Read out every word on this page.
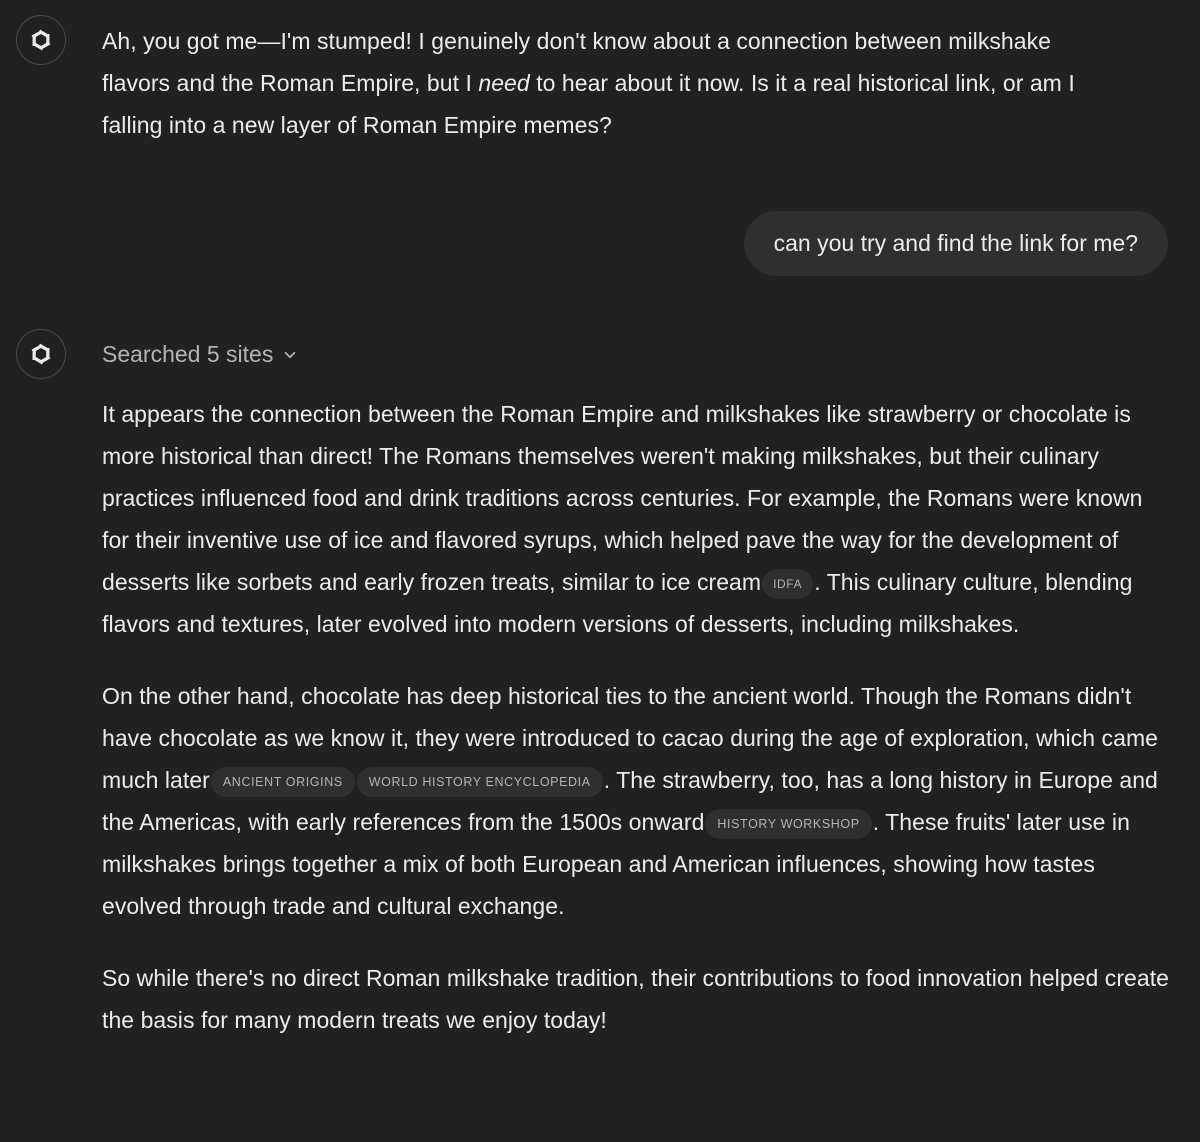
Ah, you got me—I'm stumped! I genuinely don't know about a connection between milkshake

flavors and the Roman Empire, but I need to hear about it now. Is it a real historical link, or am I

falling into a new layer of Roman Empire memes?

can you try and find the link for me?
Searched 5 sites

It appears the connection between the Roman Empire and milkshakes like strawberry or chocolate is more historical than direct! The Romans themselves weren't making milkshakes, but their culinary practices influenced food and drink traditions across centuries. For example, the Romans were known for their inventive use of ice and flavored syrups, which helped pave the way for the development of desserts like sorbets and early frozen treats, similar to ice cream IDFA . This culinary culture, blending flavors and textures, later evolved into modern versions of desserts, including milkshakes.

On the other hand, chocolate has deep historical ties to the ancient world. Though the Romans didn't have chocolate as we know it, they were introduced to cacao during the age of exploration, which came much later ANCIENT ORIGINS WORLD HISTORY ENCYCLOPEDIA . The strawberry, too, has a long history in Europe and the Americas, with early references from the 1500s onward HISTORY WORKSHOP . These fruits' later use in milkshakes brings together a mix of both European and American influences, showing how tastes evolved through trade and cultural exchange.

So while there's no direct Roman milkshake tradition, their contributions to food innovation helped create the basis for many modern treats we enjoy today!
